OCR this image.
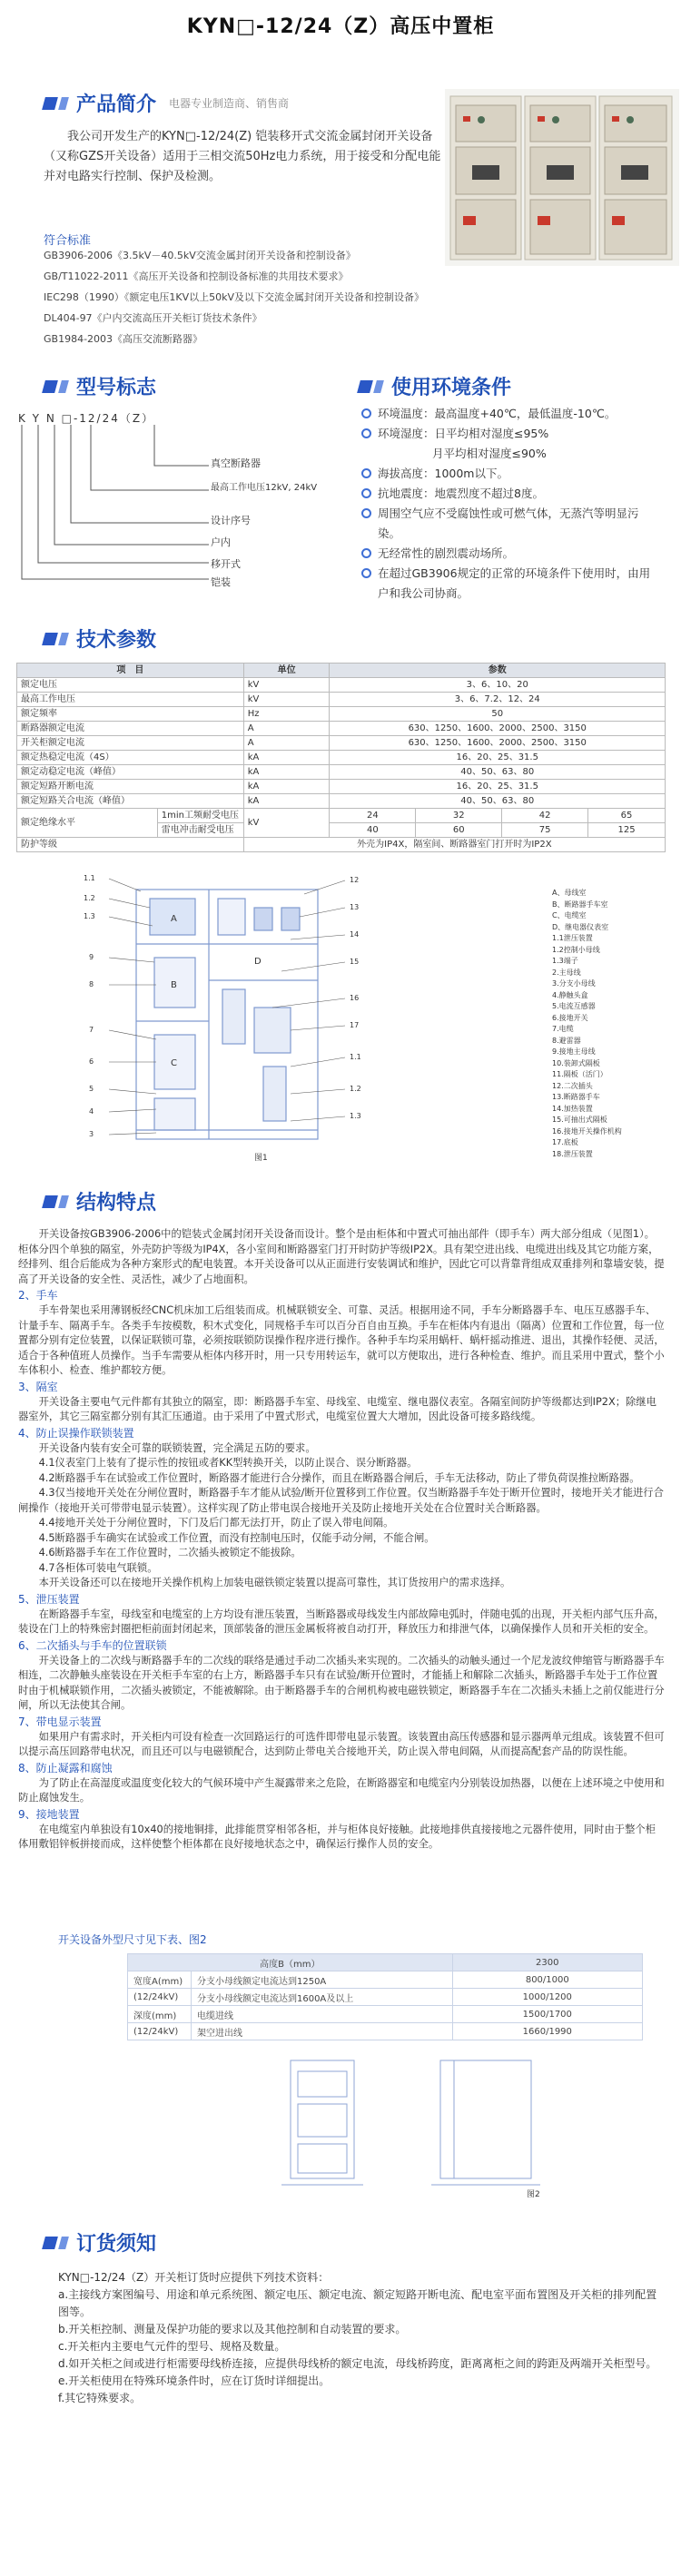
KYN□-12/24（Z）高压中置柜
产品简介 电器专业制造商、销售商
我公司开发生产的KYN□-12/24(Z) 铠装移开式交流金属封闭开关设备（又称GZS开关设备）适用于三相交流50Hz电力系统，用于接受和分配电能并对电路实行控制、保护及检测。
符合标准
GB3906-2006《3.5kV－40.5kV交流金属封闭开关设备和控制设备》
GB/T11022-2011《高压开关设备和控制设备标准的共用技术要求》
IEC298（1990）《额定电压1KV以上50kV及以下交流金属封闭开关设备和控制设备》
DL404-97《户内交流高压开关柜订货技术条件》
GB1984-2003《高压交流断路器》
型号标志
K Y N □-12/24（Z）
真空断路器
最高工作电压12kV, 24kV
设计序号
户内
移开式
铠装
使用环境条件
环境温度：最高温度+40℃，最低温度-10℃。
环境湿度：日平均相对湿度≤95%
月平均相对湿度≤90%
海拔高度：1000m以下。
抗地震度：地震烈度不超过8度。
周围空气应不受腐蚀性或可燃气体，无蒸汽等明显污染。
无经常性的剧烈震动场所。
在超过GB3906规定的正常的环境条件下使用时，由用户和我公司协商。
技术参数
项　目		单位	参数			
额定电压		kV	3、6、10、20			
最高工作电压		kV	3、6、7.2、12、24			
额定频率		Hz	50			
断路器额定电流		A	630、1250、1600、2000、2500、3150			
开关柜额定电流		A	630、1250、1600、2000、2500、3150			
额定热稳定电流（4S）		kA	16、20、25、31.5			
额定动稳定电流（峰值）		kA	40、50、63、80			
额定短路开断电流		kA	16、20、25、31.5			
额定短路关合电流（峰值）		kA	40、50、63、80			
额定绝缘水平	1min工频耐受电压	kV	24	32	42	65
	雷电冲击耐受电压		40	60	75	125
防护等级		外壳为IP4X，隔室间、断路器室门打开时为IP2X				
A
B
C
D
1.1
1.2
1.3
9
8
7
6
5
4
3
12
13
14
15
16
17
1.1
1.2
1.3
图1
A、母线室
B、断路器手车室
C、电缆室
D、继电器仪表室
1.1泄压装置
1.2控制小母线
1.3端子
2.主母线
3.分支小母线
4.静触头盒
5.电流互感器
6.接地开关
7.电缆
8.避雷器
9.接地主母线
10.装卸式隔板
11.隔板（活门）
12.二次插头
13.断路器手车
14.加热装置
15.可抽出式隔板
16.接地开关操作机构
17.底板
18.泄压装置
结构特点

开关设备按GB3906-2006中的铠装式金属封闭开关设备而设计。整个是由柜体和中置式可抽出部件（即手车）两大部分组成（见图1）。柜体分四个单独的隔室，外壳防护等级为IP4X，各小室间和断路器室门打开时防护等级IP2X。具有架空进出线、电缆进出线及其它功能方案，经排列、组合后能成为各种方案形式的配电装置。本开关设备可以从正面进行安装调试和维护，因此它可以背靠背组成双重排列和靠墙安装，提高了开关设备的安全性、灵活性，减少了占地面积。

2、手车

手车骨架也采用薄钢板经CNC机床加工后组装而成。机械联锁安全、可靠、灵活。根据用途不同，手车分断路器手车、电压互感器手车、计量手车、隔离手车。各类手车按模数，积木式变化，同规格手车可以百分百自由互换。手车在柜体内有退出（隔离）位置和工作位置，每一位置都分别有定位装置，以保证联锁可靠，必须按联锁防误操作程序进行操作。各种手车均采用蜗杆、蜗杆摇动推进、退出，其操作轻便、灵活，适合于各种值班人员操作。当手车需要从柜体内移开时，用一只专用转运车，就可以方便取出，进行各种检查、维护。而且采用中置式，整个小车体积小、检查、维护都较方便。

3、隔室

开关设备主要电气元件都有其独立的隔室，即：断路器手车室、母线室、电缆室、继电器仪表室。各隔室间防护等级都达到IP2X；除继电器室外，其它三隔室都分别有其汇压通道。由于采用了中置式形式，电缆室位置大大增加，因此设备可接多路线缆。

4、防止误操作联锁装置

开关设备内装有安全可靠的联锁装置，完全满足五防的要求。

4.1仪表室门上装有了提示性的按钮或者KK型转换开关，以防止误合、误分断路器。

4.2断路器手车在试验或工作位置时，断路器才能进行合分操作，而且在断路器合闸后，手车无法移动，防止了带负荷误推拉断路器。

4.3仅当接地开关处在分闸位置时，断路器手车才能从试验/断开位置移到工作位置。仅当断路器手车处于断开位置时，接地开关才能进行合闸操作（接地开关可带带电显示装置）。这样实现了防止带电误合接地开关及防止接地开关处在合位置时关合断路器。

4.4接地开关处于分闸位置时，下门及后门都无法打开，防止了误入带电间隔。

4.5断路器手车确实在试验或工作位置，而没有控制电压时，仅能手动分闸，不能合闸。

4.6断路器手车在工作位置时，二次插头被锁定不能拔除。

4.7各柜体可装电气联锁。

本开关设备还可以在接地开关操作机构上加装电磁铁锁定装置以提高可靠性，其订货按用户的需求选择。

5、泄压装置

在断路器手车室，母线室和电缆室的上方均设有泄压装置，当断路器或母线发生内部故障电弧时，伴随电弧的出现，开关柜内部气压升高，装设在门上的特殊密封圈把柜前面封闭起来，顶部装备的泄压金属板将被自动打开，释放压力和排泄气体，以确保操作人员和开关柜的安全。

6、二次插头与手车的位置联锁

开关设备上的二次线与断路器手车的二次线的联络是通过手动二次插头来实现的。二次插头的动触头通过一个尼龙波纹伸缩管与断路器手车相连，二次静触头座装设在开关柜手车室的右上方，断路器手车只有在试验/断开位置时，才能插上和解除二次插头，断路器手车处于工作位置时由于机械联锁作用，二次插头被锁定，不能被解除。由于断路器手车的合闸机构被电磁铁锁定，断路器手车在二次插头未插上之前仅能进行分闸，所以无法使其合闸。

7、带电显示装置

如果用户有需求时，开关柜内可设有检查一次回路运行的可选件即带电显示装置。该装置由高压传感器和显示器两单元组成。该装置不但可以提示高压回路带电状况，而且还可以与电磁锁配合，达到防止带电关合接地开关，防止误入带电间隔，从而提高配套产品的防误性能。

8、防止凝露和腐蚀

为了防止在高湿度或温度变化较大的气候环境中产生凝露带来之危险，在断路器室和电缆室内分别装设加热器，以便在上述环境之中使用和防止腐蚀发生。

9、接地装置

在电缆室内单独设有10x40的接地铜排，此排能贯穿相邻各柜，并与柜体良好接触。此接地排供直接接地之元器件使用，同时由于整个柜体用敷铝锌板拼接而成，这样使整个柜体都在良好接地状态之中，确保运行操作人员的安全。

开关设备外型尺寸见下表、图2
高度B（mm）		2300
宽度A(mm)	分支小母线额定电流达到1250A	800/1000
(12/24kV)	分支小母线额定电流达到1600A及以上	1000/1200
深度(mm)	电缆进线	1500/1700
(12/24kV)	架空进出线	1660/1990
图2
订货须知

KYN□-12/24（Z）开关柜订货时应提供下列技术资料：

a.主接线方案图编号、用途和单元系统图、额定电压、额定电流、额定短路开断电流、配电室平面布置图及开关柜的排列配置图等。

b.开关柜控制、测量及保护功能的要求以及其他控制和自动装置的要求。

c.开关柜内主要电气元件的型号、规格及数量。

d.如开关柜之间或进行柜需要母线桥连接，应提供母线桥的额定电流，母线桥跨度，距离离柜之间的跨距及两端开关柜型号。

e.开关柜使用在特殊环境条件时，应在订货时详细提出。

f.其它特殊要求。
